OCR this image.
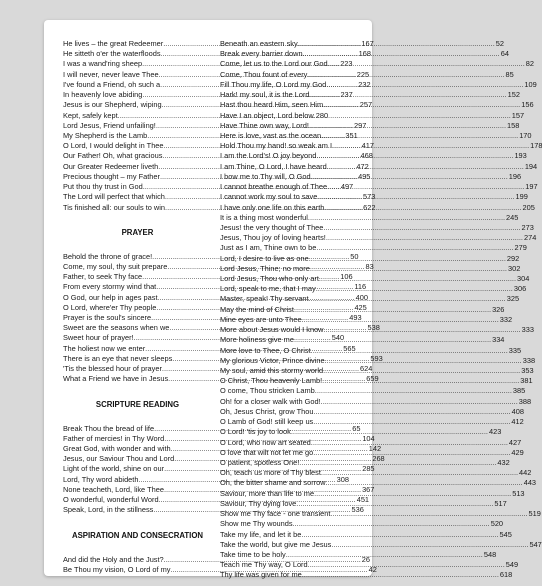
He lives – the great Redeemer .....	167
He sitteth o'er the waterfloods .....	168
I was a wand'ring sheep .....	223
I will never, never leave Thee .....	225
I've found a Friend, oh such a .....	232
In heavenly love abiding .....	237
Jesus is our Shepherd, wiping .....	257
Kept, safely kept .....	280
Lord Jesus, Friend unfailing! .....	297
My Shepherd is the Lamb .....	351
O Lord, I would delight in Thee .....	417
Our Father! Oh, what gracious .....	468
Our Greater Redeemer liveth .....	472
Precious thought – my Father .....	495
Put thou thy trust in God .....	497
The Lord will perfect that which .....	573
Tis finished all: our souls to win .....	622
PRAYER
Behold the throne of grace! .....	50
Come, my soul, thy suit prepare .....	83
Father, to seek Thy face .....	106
From every stormy wind that .....	116
O God, our help in ages past .....	400
O Lord, where'er Thy people .....	425
Prayer is the soul's sincere .....	493
Sweet are the seasons when we .....	538
Sweet hour of prayer! .....	540
The holiest now we enter .....	565
There is an eye that never sleeps .....	593
'Tis the blessed hour of prayer .....	624
What a Friend we have in Jesus .....	659
SCRIPTURE READING
Break Thou the bread of life .....	65
Father of mercies! in Thy Word .....	104
Great God, with wonder and with .....	142
Jesus, our Saviour Thou and Lord .....	268
Light of the world, shine on our .....	285
Lord, Thy word abideth .....	308
None teacheth, Lord, like Thee .....	367
O wonderful, wonderful Word .....	451
Speak, Lord, in the stillness .....	536
ASPIRATION AND CONSECRATION
And did the Holy and the Just? .....	26
Be Thou my vision, O Lord of my .....	42
Beneath an eastern sky .....	52
Break every barrier down .....	64
Come, let us to the Lord our God .....	82
Come, Thou fount of every .....	85
Fill Thou my life, O Lord my God .....	109
Hark! my soul, it is the Lord .....	152
Hast thou heard Him, seen Him .....	156
Have I an object, Lord below .....	157
Have Thine own way, Lord! .....	158
Here is love, vast as the ocean .....	170
Hold Thou my hand! so weak am I .....	178
I am the Lord's! O joy beyond .....	193
I am Thine, O Lord, I have heard .....	194
I bow me to Thy will, O God .....	196
I cannot breathe enough of Thee .....	197
I cannot work my soul to save .....	199
I have only one life on this earth .....	205
It is a thing most wonderful .....	245
Jesus! the very thought of Thee .....	273
Jesus, Thou joy of loving hearts! .....	274
Just as I am, Thine own to be .....	279
Lord, I desire to live as one .....	292
Lord Jesus, Thine; no more .....	302
Lord Jesus, Thou who only art .....	304
Lord, speak to me, that I may .....	306
Master, speak! Thy servant .....	325
May the mind of Christ .....	326
Mine eyes are unto Thee .....	332
More about Jesus would I know .....	333
More holiness give me .....	334
More love to Thee, O Christ .....	335
My glorious Victor, Prince divine .....	338
My soul, amid this stormy world .....	353
O Christ, Thou heavenly Lamb! .....	381
O come, Thou stricken Lamb .....	385
Oh! for a closer walk with God! .....	388
Oh, Jesus Christ, grow Thou .....	408
O Lamb of God! still keep us .....	412
O Lord! 'tis joy to look .....	423
O Lord, who now art seated .....	427
O love that wilt not let me go .....	429
O patient, spotless One! .....	432
Oh, teach us more of Thy blest .....	442
Oh, the bitter shame and sorrow .....	443
Saviour, more than life to me .....	513
Saviour, Thy dying love .....	517
Show me Thy face - one transient .....	519
Show me Thy wounds .....	520
Take my life, and let it be .....	545
Take the world, but give me Jesus .....	547
Take time to be holy .....	548
Teach me Thy way, O Lord .....	549
Thy life was given for me .....	618
